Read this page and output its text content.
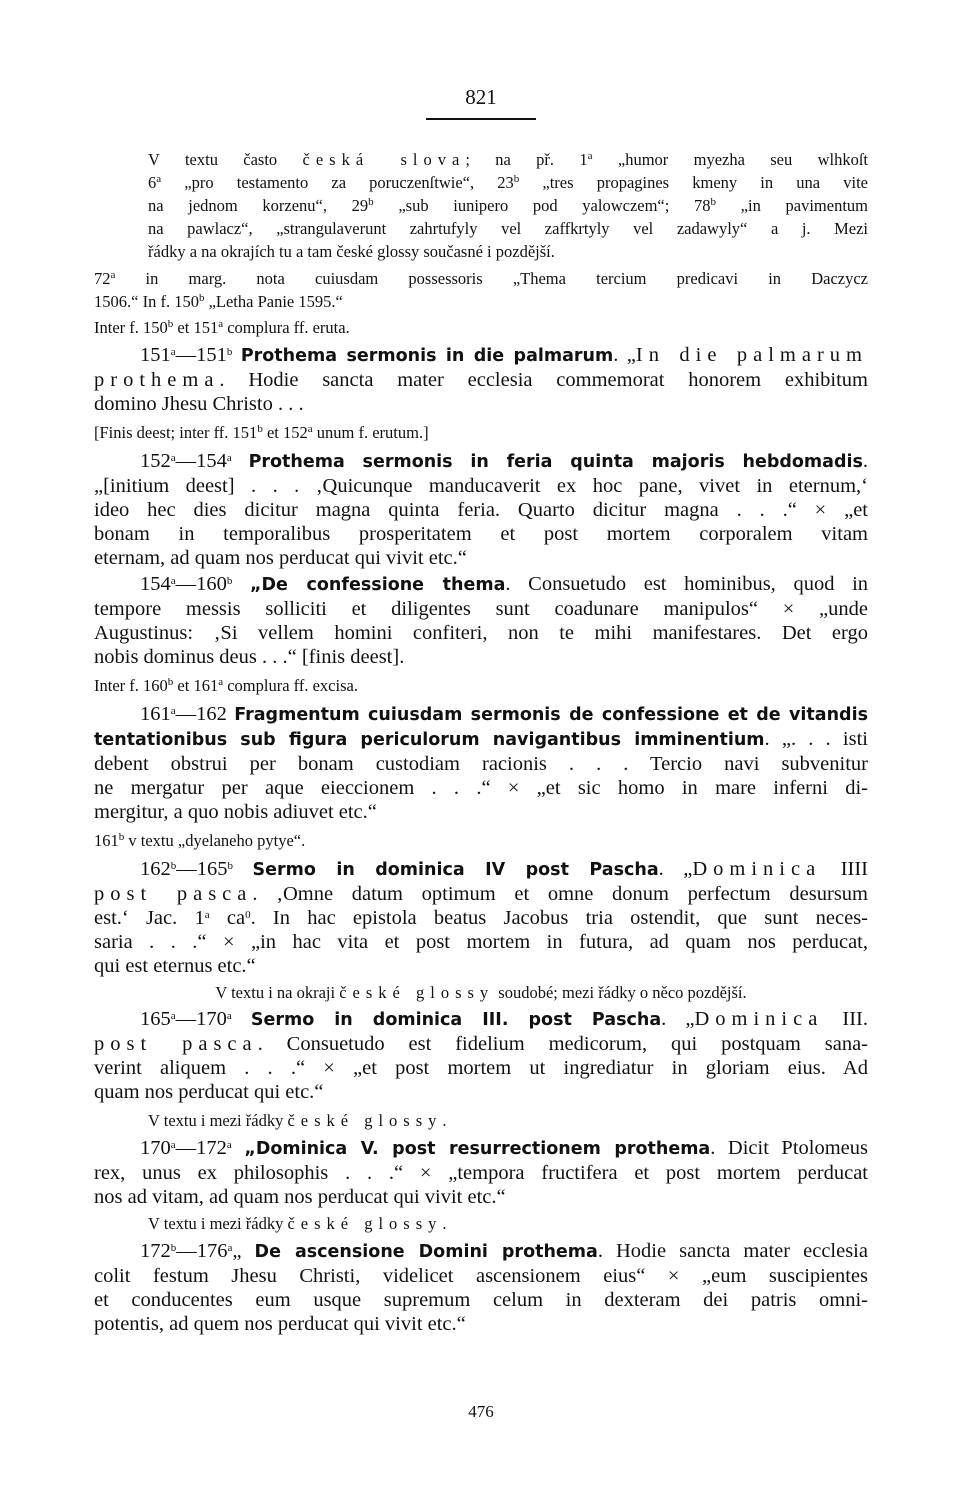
821
V textu často česká slova; na př. 1$^a$ „humor myezha seu wlhkoſt
6$^a$ „pro testamento za poruczenſtwie“, 23$^b$ „tres propagines kmeny in una vite
na jednom korzenu“, 29$^b$ „sub iunipero pod yalowczem“; 78$^b$ „in pavimentum
na pawlacz“, „strangulaverunt zahrtufyly vel zaffkrtyly vel zadawyly“ a j. Mezi
řádky a na okrajích tu a tam české glossy současné i pozdější.
72$^a$ in marg. nota cuiusdam possessoris „Thema tercium predicavi in Daczycz
1506.“ In f. 150$^b$ „Letha Panie 1595.“
Inter f. 150$^b$ et 151$^a$ complura ff. eruta.
151$^a$—151$^b$ Prothema sermonis in die palmarum. „In die palmarum
prothema. Hodie sancta mater ecclesia commemorat honorem exhibitum
domino Jhesu Christo . . .
[Finis deest; inter ff. 151$^b$ et 152$^a$ unum f. erutum.]
152$^a$—154$^a$ Prothema sermonis in feria quinta majoris hebdomadis.
„[initium deest] . . . ‚Quicunque manducaverit ex hoc pane, vivet in eternum,‘
ideo hec dies dicitur magna quinta feria. Quarto dicitur magna . . .“ × „et
bonam in temporalibus prosperitatem et post mortem corporalem vitam
eternam, ad quam nos perducat qui vivit etc.“
154$^a$—160$^b$ „De confessione thema. Consuetudo est hominibus, quod in
tempore messis solliciti et diligentes sunt coadunare manipulos“ × „unde
Augustinus: ‚Si vellem homini confiteri, non te mihi manifestares. Det ergo
nobis dominus deus . . .“ [finis deest].
Inter f. 160$^b$ et 161$^a$ complura ff. excisa.
161$^a$—162 Fragmentum cuiusdam sermonis de confessione et de vitandis
tentationibus sub figura periculorum navigantibus imminentium. „. . . isti
debent obstrui per bonam custodiam racionis . . . Tercio navi subvenitur
ne mergatur per aque eieccionem . . .“ × „et sic homo in mare inferni di-
mergitur, a quo nobis adiuvet etc.“
161$^b$ v textu „dyelaneho pytye“.
162$^b$—165$^b$ Sermo in dominica IV post Pascha. „Dominica IIII
post pasca. ‚Omne datum optimum et omne donum perfectum desursum
est.‘ Jac. 1$^a$ $ca^0$. In hac epistola beatus Jacobus tria ostendit, que sunt neces-
saria . . .“ × „in hac vita et post mortem in futura, ad quam nos perducat,
qui est eternus etc.“
V textu i na okraji české glossy soudobé; mezi řádky o něco pozdější.
165$^a$—170$^a$ Sermo in dominica III. post Pascha. „Dominica III.
post pasca. Consuetudo est fidelium medicorum, qui postquam sana-
verint aliquem . . .“ × „et post mortem ut ingrediatur in gloriam eius. Ad
quam nos perducat qui etc.“
V textu i mezi řádky české glossy.
170$^a$—172$^a$ „Dominica V. post resurrectionem prothema. Dicit Ptolomeus
rex, unus ex philosophis . . .“ × „tempora fructifera et post mortem perducat
nos ad vitam, ad quam nos perducat qui vivit etc.“
V textu i mezi řádky české glossy.
172$^b$—176$^a$„ De ascensione Domini prothema. Hodie sancta mater ecclesia
colit festum Jhesu Christi, videlicet ascensionem eius“ × „eum suscipientes
et conducentes eum usque supremum celum in dexteram dei patris omni-
potentis, ad quem nos perducat qui vivit etc.“
476
